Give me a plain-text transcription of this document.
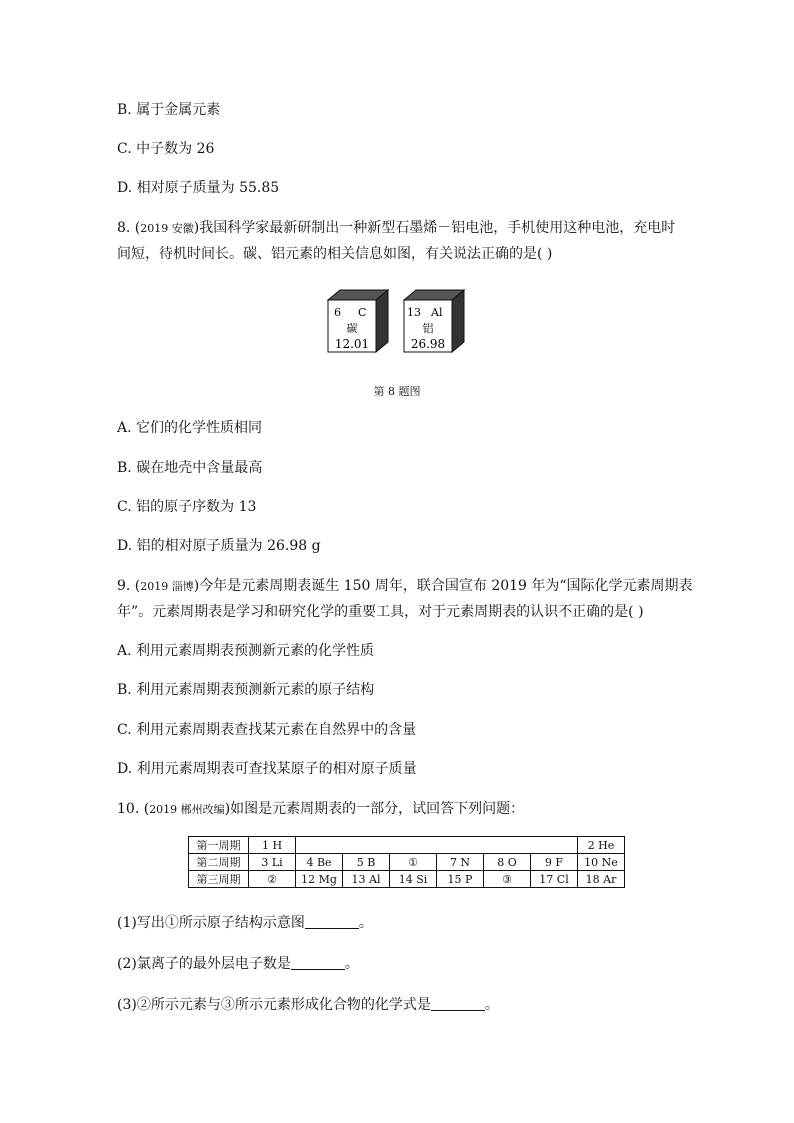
B. 属于金属元素
C. 中子数为 26
D. 相对原子质量为 55.85
8. (2019 安徽)我国科学家最新研制出一种新型石墨烯－铝电池，手机使用这种电池，充电时
间短，待机时间长。碳、铝元素的相关信息如图，有关说法正确的是( )
6 C
碳
12.01
13 Al
铝
26.98
第 8 题图
A. 它们的化学性质相同
B. 碳在地壳中含量最高
C. 铝的原子序数为 13
D. 铝的相对原子质量为 26.98 g
9. (2019 淄博)今年是元素周期表诞生 150 周年，联合国宣布 2019 年为“国际化学元素周期表
年”。元素周期表是学习和研究化学的重要工具，对于元素周期表的认识不正确的是( )
A. 利用元素周期表预测新元素的化学性质
B. 利用元素周期表预测新元素的原子结构
C. 利用元素周期表查找某元素在自然界中的含量
D. 利用元素周期表可查找某原子的相对原子质量
10. (2019 郴州改编)如图是元素周期表的一部分，试回答下列问题：
第一周期	1 H							2 He
第二周期	3 Li	4 Be	5 B	①	7 N	8 O	9 F	10 Ne
第三周期	②	12 Mg	13 Al	14 Si	15 P	③	17 Cl	18 Ar
(1)写出①所示原子结构示意图	。
(2)氯离子的最外层电子数是	。
(3)②所示元素与③所示元素形成化合物的化学式是	。
